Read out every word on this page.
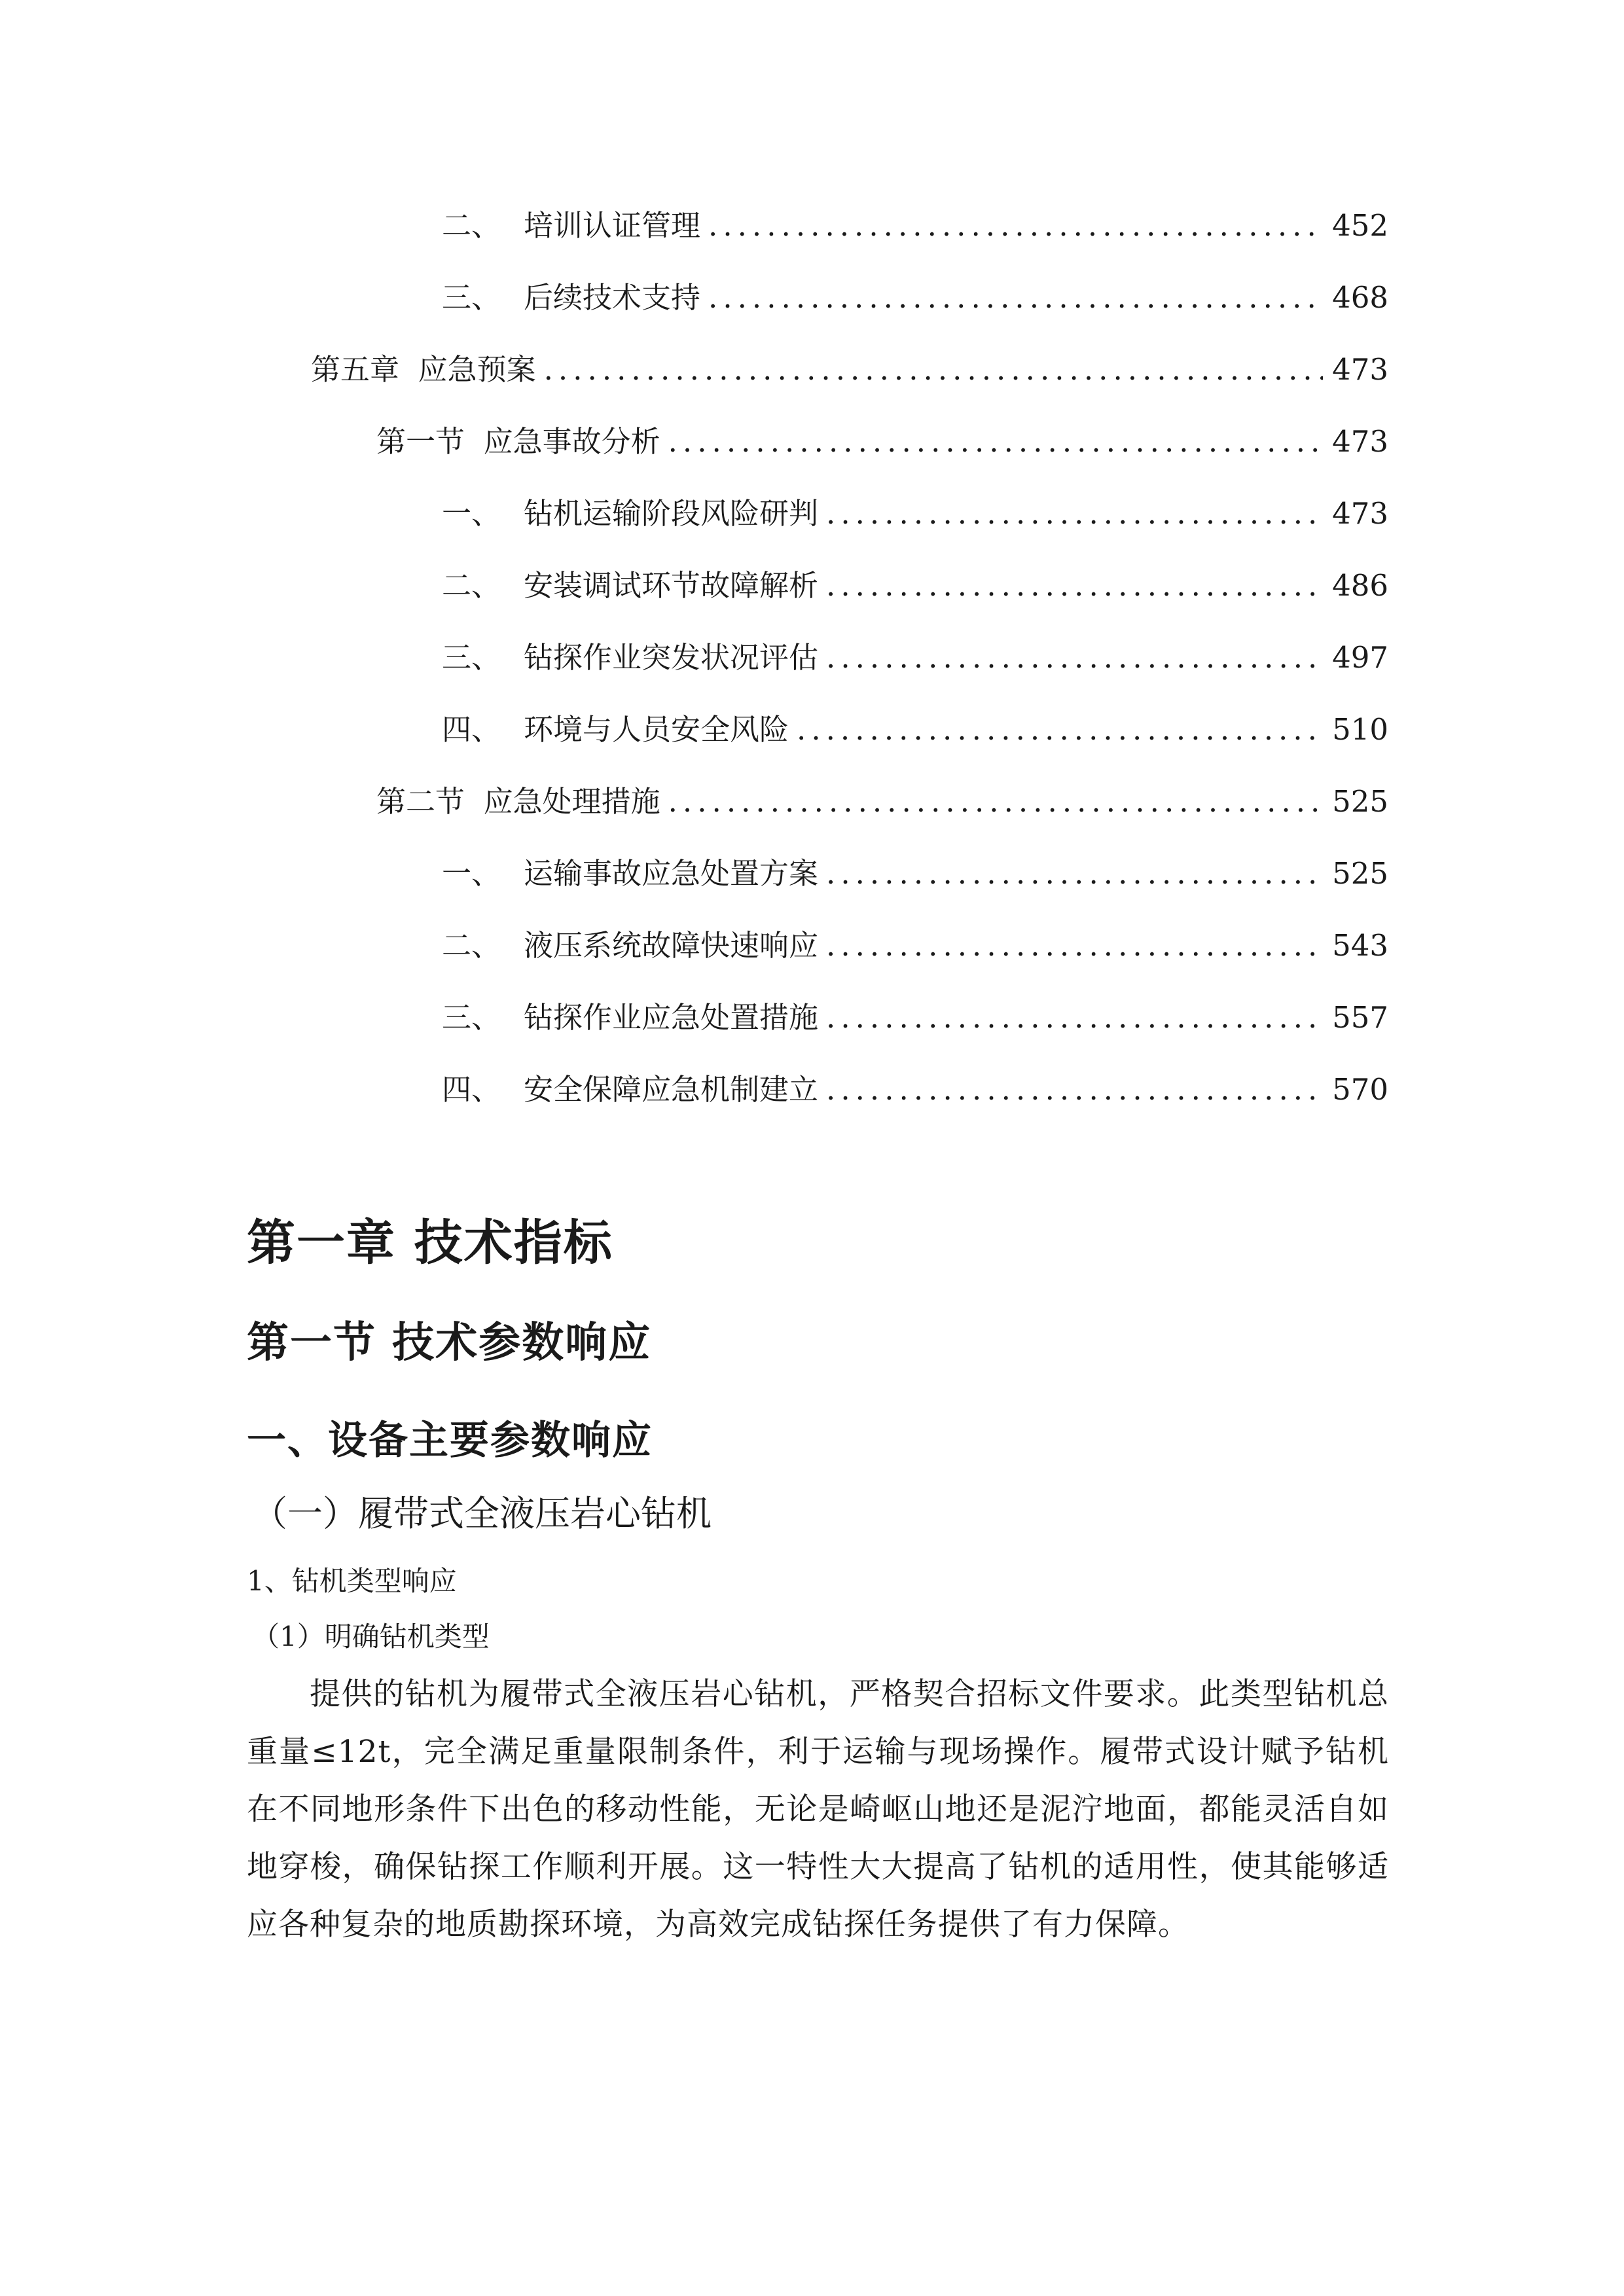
二、 培训认证管理 .....	452
三、 后续技术支持 .....	468
第五章  应急预案 .....	473
第一节  应急事故分析 .....	473
一、 钻机运输阶段风险研判 .....	473
二、 安装调试环节故障解析 .....	486
三、 钻探作业突发状况评估 .....	497
四、 环境与人员安全风险 .....	510
第二节  应急处理措施 .....	525
一、 运输事故应急处置方案 .....	525
二、 液压系统故障快速响应 .....	543
三、 钻探作业应急处置措施 .....	557
四、 安全保障应急机制建立 .....	570
第一章 技术指标
第一节 技术参数响应
一、设备主要参数响应
（一）履带式全液压岩心钻机
1、钻机类型响应
（1）明确钻机类型

提供的钻机为履带式全液压岩心钻机，严格契合招标文件要求。此类型钻机总重量≤12t，完全满足重量限制条件，利于运输与现场操作。履带式设计赋予钻机在不同地形条件下出色的移动性能，无论是崎岖山地还是泥泞地面，都能灵活自如地穿梭，确保钻探工作顺利开展。这一特性大大提高了钻机的适用性，使其能够适应各种复杂的地质勘探环境，为高效完成钻探任务提供了有力保障。
